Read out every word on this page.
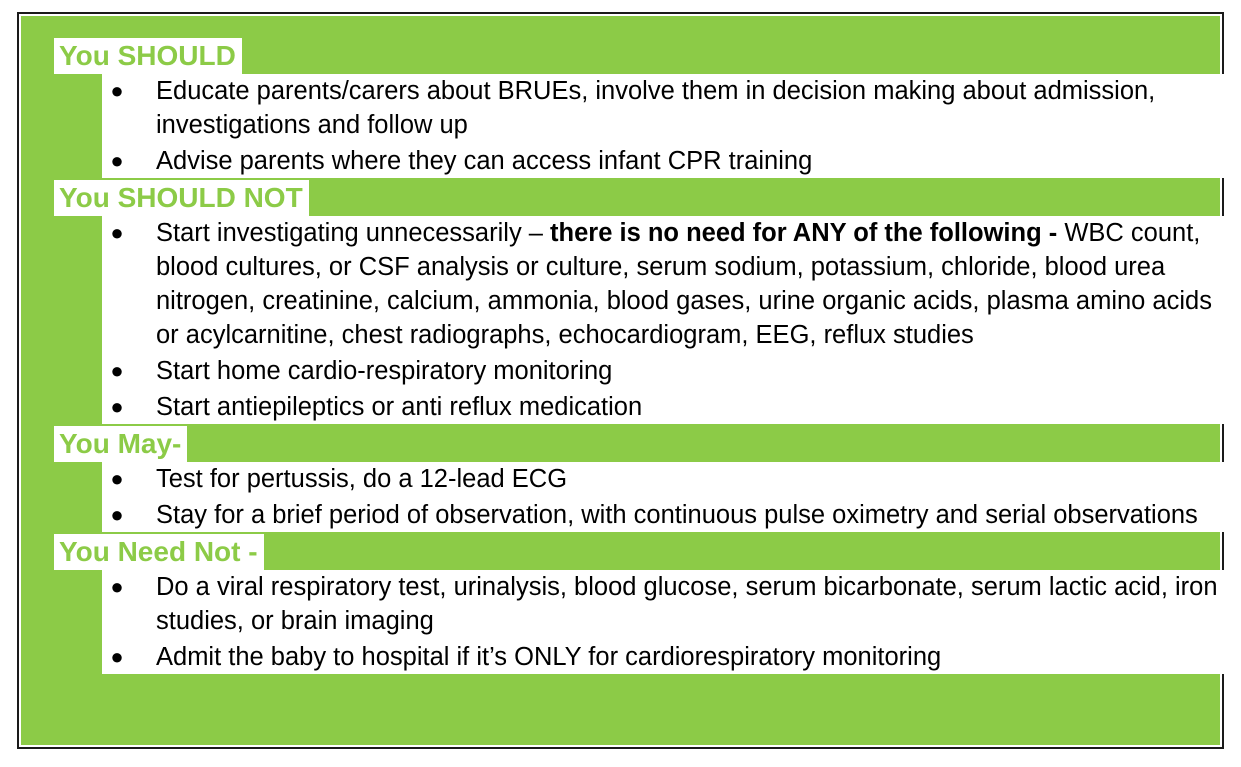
You SHOULD
● Educate parents/carers about BRUEs, involve them in decision making about admission, investigations and follow up
● Advise parents where they can access infant CPR training
You SHOULD NOT
● Start investigating unnecessarily – there is no need for ANY of the following - WBC count, blood cultures, or CSF analysis or culture, serum sodium, potassium, chloride, blood urea nitrogen, creatinine, calcium, ammonia, blood gases, urine organic acids, plasma amino acids or acylcarnitine, chest radiographs, echocardiogram, EEG, reflux studies
● Start home cardio-respiratory monitoring
● Start antiepileptics or anti reflux medication
You May-
● Test for pertussis, do a 12-lead ECG
● Stay for a brief period of observation, with continuous pulse oximetry and serial observations
You Need Not -
● Do a viral respiratory test, urinalysis, blood glucose, serum bicarbonate, serum lactic acid, iron studies, or brain imaging
● Admit the baby to hospital if it’s ONLY for cardiorespiratory monitoring
